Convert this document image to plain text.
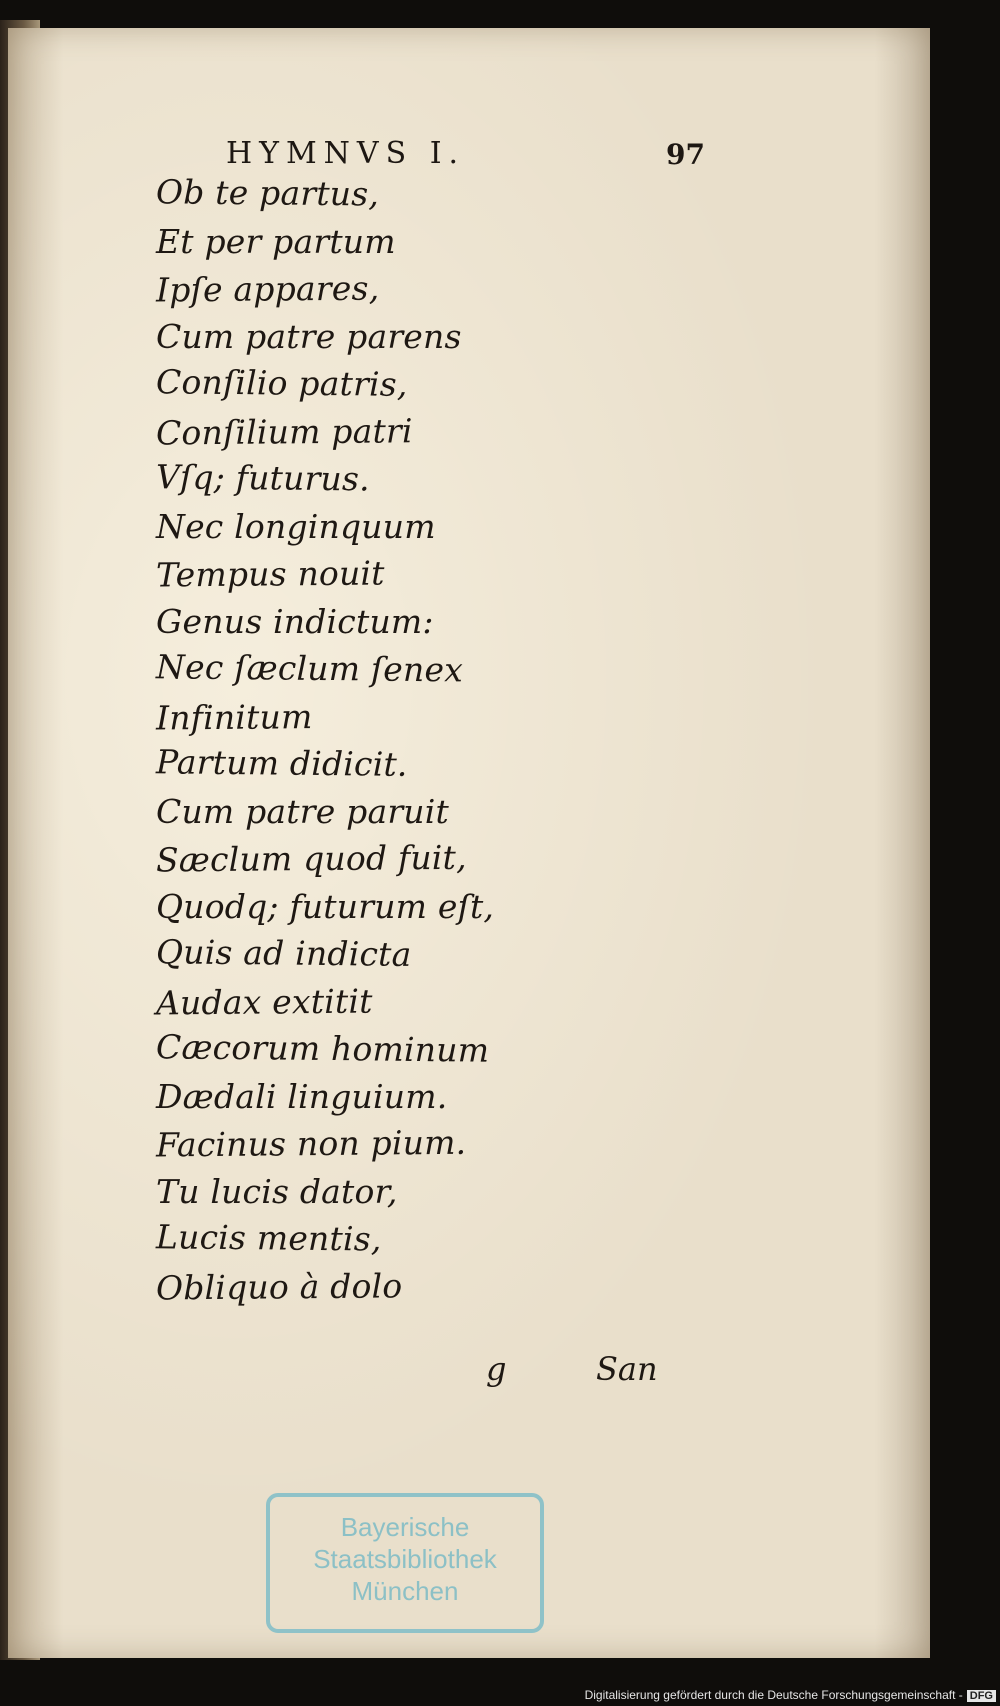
HYMNVS I.	97
Ob te partus,
Et per partum
Ipſe appares,
Cum patre parens
Conſilio patris,
Conſilium patri
Vſq; futurus.
Nec longinquum
Tempus nouit
Genus indictum:
Nec ſæclum ſenex
Infinitum
Partum didicit.
Cum patre paruit
Sæclum quod fuit,
Quodq; futurum eſt,
Quis ad indicta
Audax extitit
Cæcorum hominum
Dædali linguium.
Facinus non pium.
Tu lucis dator,
Lucis mentis,
Obliquo à dolo
g	San
Bayerische
Staatsbibliothek
München
Digitalisierung gefördert durch die Deutsche Forschungsgemeinschaft - DFG
